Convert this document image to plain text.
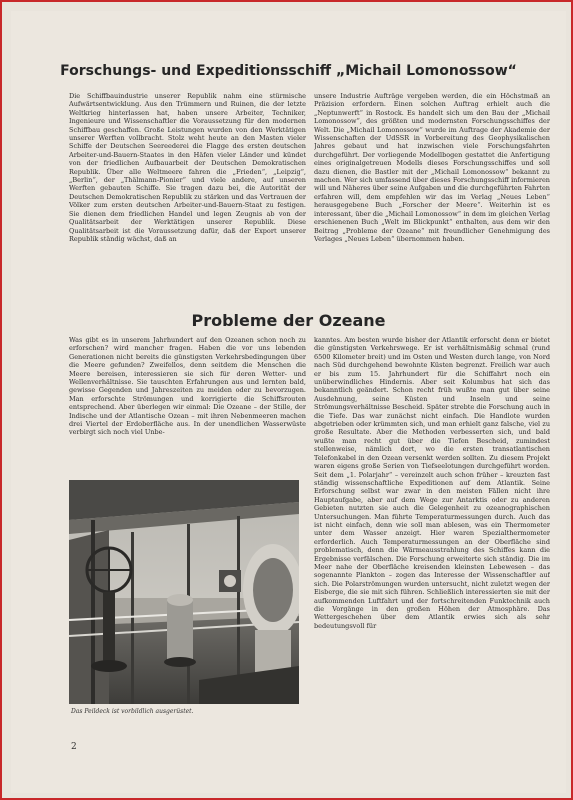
Forschungs- und Expeditionsschiff „Michail Lomonossow“

Die Schiffbauindustrie unserer Republik nahm eine stürmische Aufwärtsentwicklung. Aus den Trümmern und Ruinen, die der letzte Weltkrieg hinterlassen hat, haben unsere Arbeiter, Techniker, Ingenieure und Wissenschaftler die Voraussetzung für den modernen Schiffbau geschaffen. Große Leistungen wurden von den Werktätigen unserer Werften vollbracht. Stolz weht heute an den Masten vieler Schiffe der Deutschen Seereederei die Flagge des ersten deutschen Arbeiter-und-Bauern-Staates in den Häfen vieler Länder und kündet von der friedlichen Aufbauarbeit der Deutschen Demokratischen Republik. Über alle Weltmeere fahren die „Frieden“, „Leipzig“, „Berlin“, der „Thälmann-Pionier“ und viele andere, auf unseren Werften gebauten Schiffe. Sie tragen dazu bei, die Autorität der Deutschen Demokratischen Republik zu stärken und das Vertrauen der Völker zum ersten deutschen Arbeiter-und-Bauern-Staat zu festigen. Sie dienen dem friedlichen Handel und legen Zeugnis ab von der Qualitätsarbeit der Werktätigen unserer Republik. Diese Qualitätsarbeit ist die Voraussetzung dafür, daß der Export unserer Republik ständig wächst, daß an

unsere Industrie Aufträge vergeben werden, die ein Höchstmaß an Präzision erfordern. Einen solchen Auftrag erhielt auch die „Neptunwerft“ in Rostock. Es handelt sich um den Bau der „Michail Lomonossow“, des größten und modernsten Forschungsschiffes der Welt. Die „Michail Lomonossow“ wurde im Auftrage der Akademie der Wissenschaften der UdSSR in Vorbereitung des Geophysikalischen Jahres gebaut und hat inzwischen viele Forschungsfahrten durchgeführt. Der vorliegende Modellbogen gestattet die Anfertigung eines originalgetreuen Modells dieses Forschungsschiffes und soll dazu dienen, die Bastler mit der „Michail Lomonossow“ bekannt zu machen. Wer sich umfassend über dieses Forschungsschiff informieren will und Näheres über seine Aufgaben und die durchgeführten Fahrten erfahren will, dem empfehlen wir das im Verlag „Neues Leben“ herausgegebene Buch „Forscher der Meere“. Weiterhin ist es interessant, über die „Michail Lomonossow“ in dem im gleichen Verlag erschienenen Buch „Welt im Blickpunkt“ enthalten, aus dem wir den Beitrag „Probleme der Ozeane“ mit freundlicher Genehmigung des Verlages „Neues Leben“ übernommen haben.

Probleme der Ozeane

Was gibt es in unserem Jahrhundert auf den Ozeanen schon noch zu erforschen? wird mancher fragen. Haben die vor uns lebenden Generationen nicht bereits die günstigsten Verkehrsbedingungen über die Meere gefunden? Zweifellos, denn seitdem die Menschen die Meere bereisen, interessieren sie sich für deren Wetter- und Wellenverhältnisse. Sie tauschten Erfahrungen aus und lernten bald, gewisse Gegenden und Jahreszeiten zu meiden oder zu bevorzugen. Man erforschte Strömungen und korrigierte die Schiffsrouten entsprechend. Aber überlegen wir einmal: Die Ozeane – der Stille, der Indische und der Atlantische Ozean – mit ihren Nebenmeeren machen drei Viertel der Erdoberfläche aus. In der unendlichen Wasserwüste verbirgt sich noch viel Unbe-

Das Peildeck ist vorbildlich ausgerüstet.

kanntes. Am besten wurde bisher der Atlantik erforscht denn er bietet die günstigsten Verkehrswege. Er ist verhältnismäßig schmal (rund 6500 Kilometer breit) und im Osten und Westen durch lange, von Nord nach Süd durchgehend bewohnte Küsten begrenzt. Freilich war auch er bis zum 15. Jahrhundert für die Schiffahrt noch ein unüberwindliches Hindernis. Aber seit Kolumbus hat sich das bekanntlich geändert. Schon recht früh wußte man gut über seine Ausdehnung, seine Küsten und Inseln und seine Strömungsverhältnisse Bescheid. Später strebte die Forschung auch in die Tiefe. Das war zunächst nicht einfach. Die Handlote wurden abgetrieben oder krümmten sich, und man erhielt ganz falsche, viel zu große Resultate. Aber die Methoden verbesserten sich, und bald wußte man recht gut über die Tiefen Bescheid, zumindest stellenweise, nämlich dort, wo die ersten transatlantischen Telefonkabel in den Ozean versenkt werden sollten. Zu diesem Projekt waren eigens große Serien von Tiefseelotungen durchgeführt worden. Seit dem „1. Polarjahr“ – vereinzelt auch schon früher – kreuzten fast ständig wissenschaftliche Expeditionen auf dem Atlantik. Seine Erforschung selbst war zwar in den meisten Fällen nicht ihre Hauptaufgabe, aber auf dem Wege zur Antarktis oder zu anderen Gebieten nutzten sie auch die Gelegenheit zu ozeanographischen Untersuchungen. Man führte Temperaturmessungen durch. Auch das ist nicht einfach, denn wie soll man ablesen, was ein Thermometer unter dem Wasser anzeigt. Hier waren Spezialthermometer erforderlich. Auch Temperaturmessungen an der Oberfläche sind problematisch, denn die Wärmeausstrahlung des Schiffes kann die Ergebnisse verfälschen. Die Forschung erweiterte sich ständig. Die im Meer nahe der Oberfläche kreisenden kleinsten Lebewesen – das sogenannte Plankton – zogen das Interesse der Wissenschaftler auf sich. Die Polarströmungen wurden untersucht, nicht zuletzt wegen der Eisberge, die sie mit sich führen. Schließlich interessierten sie mit der aufkommenden Luftfahrt und der fortschreitenden Funktechnik auch die Vorgänge in den großen Höhen der Atmosphäre. Das Wettergeschehen über dem Atlantik erwies sich als sehr bedeutungsvoll für

2
